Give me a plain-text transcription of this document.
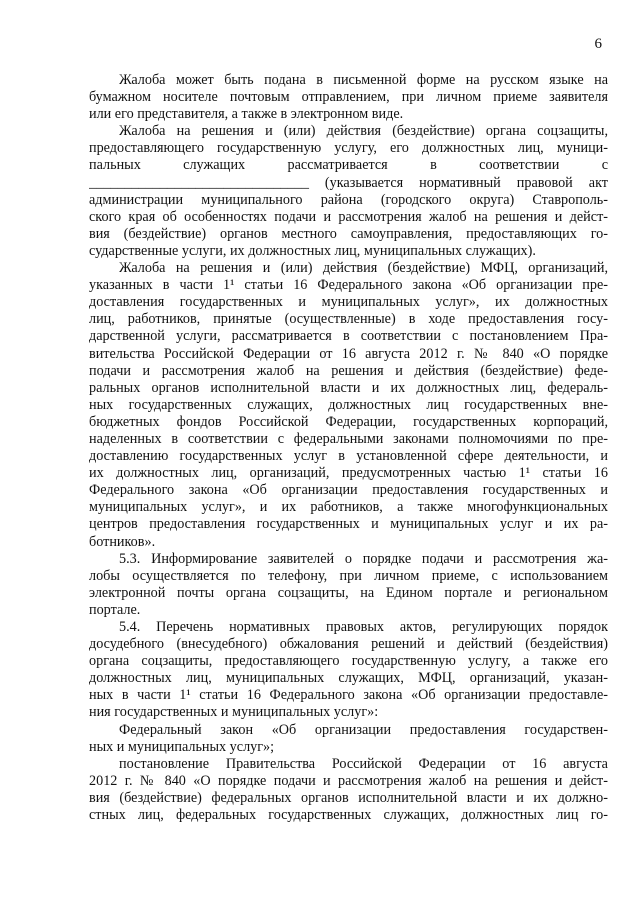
6
Жалоба может быть подана в письменной форме на русском языке на
бумажном носителе почтовым отправлением, при личном приеме заявителя
или его представителя, а также в электронном виде.
Жалоба на решения и (или) действия (бездействие) органа соцзащиты,
предоставляющего государственную услугу, его должностных лиц, муници-
пальных служащих рассматривается в соответствии с
_______________________________ (указывается нормативный правовой акт
администрации муниципального района (городского округа) Ставрополь-
ского края об особенностях подачи и рассмотрения жалоб на решения и дейст-
вия (бездействие) органов местного самоуправления, предоставляющих го-
сударственные услуги, их должностных лиц, муниципальных служащих).
Жалоба на решения и (или) действия (бездействие) МФЦ, организаций,
указанных в части 1¹ статьи 16 Федерального закона «Об организации пре-
доставления государственных и муниципальных услуг», их должностных
лиц, работников, принятые (осуществленные) в ходе предоставления госу-
дарственной услуги, рассматривается в соответствии с постановлением Пра-
вительства Российской Федерации от 16 августа 2012 г. № 840 «О порядке
подачи и рассмотрения жалоб на решения и действия (бездействие) феде-
ральных органов исполнительной власти и их должностных лиц, федераль-
ных государственных служащих, должностных лиц государственных вне-
бюджетных фондов Российской Федерации, государственных корпораций,
наделенных в соответствии с федеральными законами полномочиями по пре-
доставлению государственных услуг в установленной сфере деятельности, и
их должностных лиц, организаций, предусмотренных частью 1¹ статьи 16
Федерального закона «Об организации предоставления государственных и
муниципальных услуг», и их работников, а также многофункциональных
центров предоставления государственных и муниципальных услуг и их ра-
ботников».
5.3. Информирование заявителей о порядке подачи и рассмотрения жа-
лобы осуществляется по телефону, при личном приеме, с использованием
электронной почты органа соцзащиты, на Едином портале и региональном
портале.
5.4. Перечень нормативных правовых актов, регулирующих порядок
досудебного (внесудебного) обжалования решений и действий (бездействия)
органа соцзащиты, предоставляющего государственную услугу, а также его
должностных лиц, муниципальных служащих, МФЦ, организаций, указан-
ных в части 1¹ статьи 16 Федерального закона «Об организации предоставле-
ния государственных и муниципальных услуг»:
Федеральный закон «Об организации предоставления государствен-
ных и муниципальных услуг»;
постановление Правительства Российской Федерации от 16 августа
2012 г. № 840 «О порядке подачи и рассмотрения жалоб на решения и дейст-
вия (бездействие) федеральных органов исполнительной власти и их должно-
стных лиц, федеральных государственных служащих, должностных лиц го-
